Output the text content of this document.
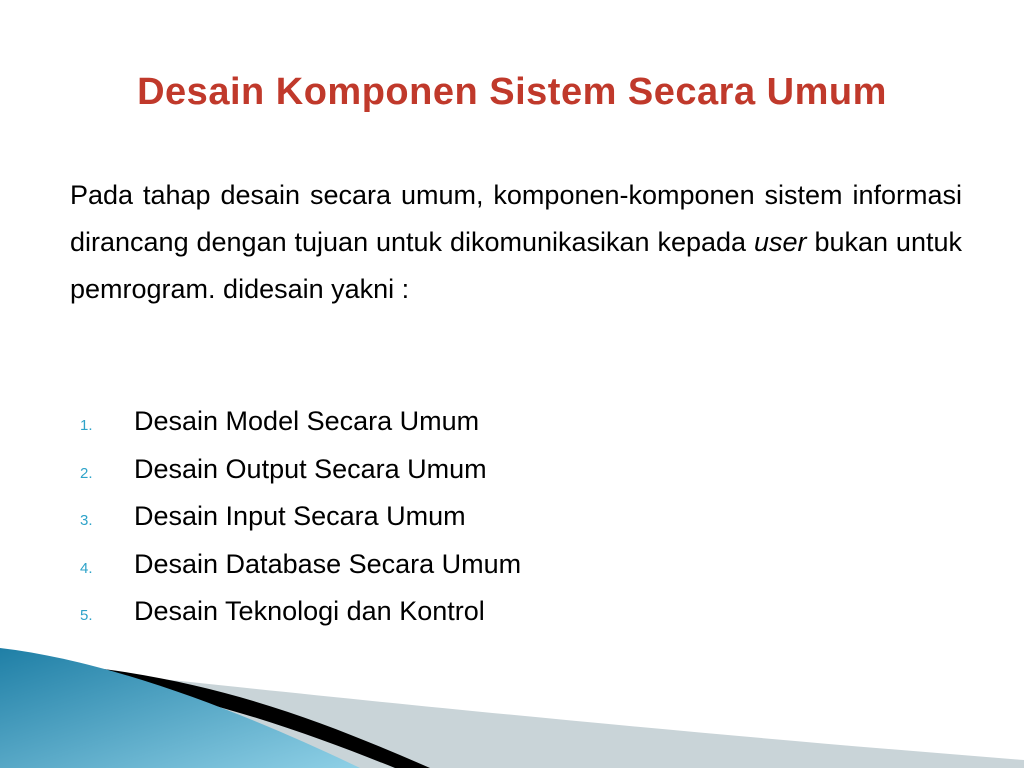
Desain Komponen Sistem Secara Umum

Pada tahap desain secara umum, komponen-komponen sistem informasi dirancang dengan tujuan untuk dikomunikasikan kepada user bukan untuk pemrogram. didesain yakni :

1.	Desain Model Secara Umum
2.	Desain Output Secara Umum
3.	Desain Input Secara Umum
4.	Desain Database Secara Umum
5.	Desain Teknologi dan Kontrol
